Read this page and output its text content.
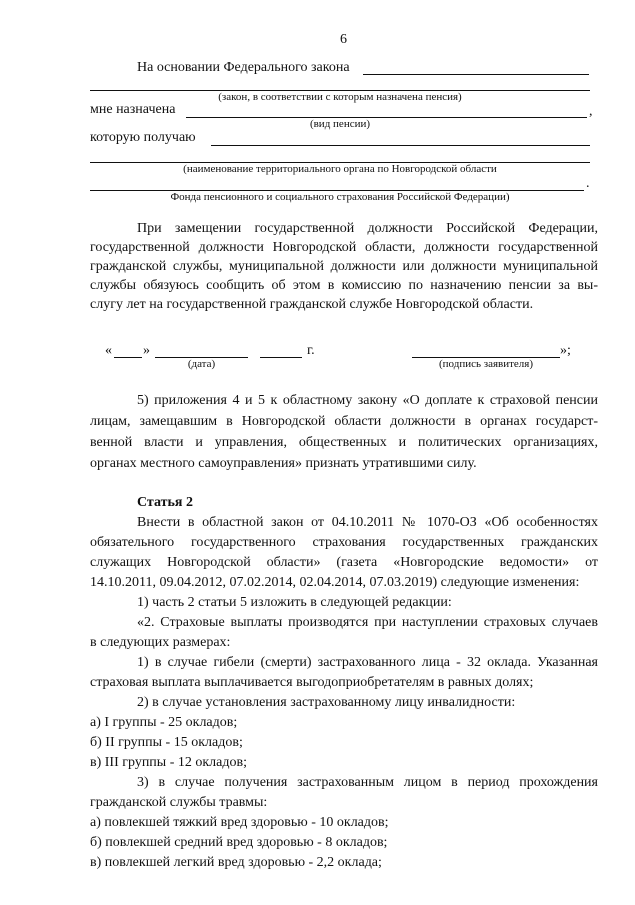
6
На основании Федерального закона
(закон, в соответствии с которым назначена пенсия)
мне назначена	,
(вид пенсии)
которую получаю
(наименование территориального органа по Новгородской области
.
Фонда пенсионного и социального страхования Российской Федерации)
При замещении государственной должности Российской Федерации,
государственной должности Новгородской области, должности государственной
гражданской службы, муниципальной должности или должности муниципальной
службы обязуюсь сообщить об этом в комиссию по назначению пенсии за вы-
слугу лет на государственной гражданской службе Новгородской области.
« »	г.	»;
(дата)	(подпись заявителя)
5) приложения 4 и 5 к областному закону «О доплате к страховой пенсии
лицам, замещавшим в Новгородской области должности в органах государст-
венной власти и управления, общественных и политических организациях,
органах местного самоуправления» признать утратившими силу.
Статья 2
Внести в областной закон от 04.10.2011 № 1070-ОЗ «Об особенностях
обязательного государственного страхования государственных гражданских
служащих Новгородской области» (газета «Новгородские ведомости» от
14.10.2011, 09.04.2012, 07.02.2014, 02.04.2014, 07.03.2019) следующие изменения:
1) часть 2 статьи 5 изложить в следующей редакции:
«2. Страховые выплаты производятся при наступлении страховых случаев
в следующих размерах:
1) в случае гибели (смерти) застрахованного лица - 32 оклада. Указанная
страховая выплата выплачивается выгодоприобретателям в равных долях;
2) в случае установления застрахованному лицу инвалидности:
а) I группы - 25 окладов;
б) II группы - 15 окладов;
в) III группы - 12 окладов;
3) в случае получения застрахованным лицом в период прохождения
гражданской службы травмы:
а) повлекшей тяжкий вред здоровью - 10 окладов;
б) повлекшей средний вред здоровью - 8 окладов;
в) повлекшей легкий вред здоровью - 2,2 оклада;
